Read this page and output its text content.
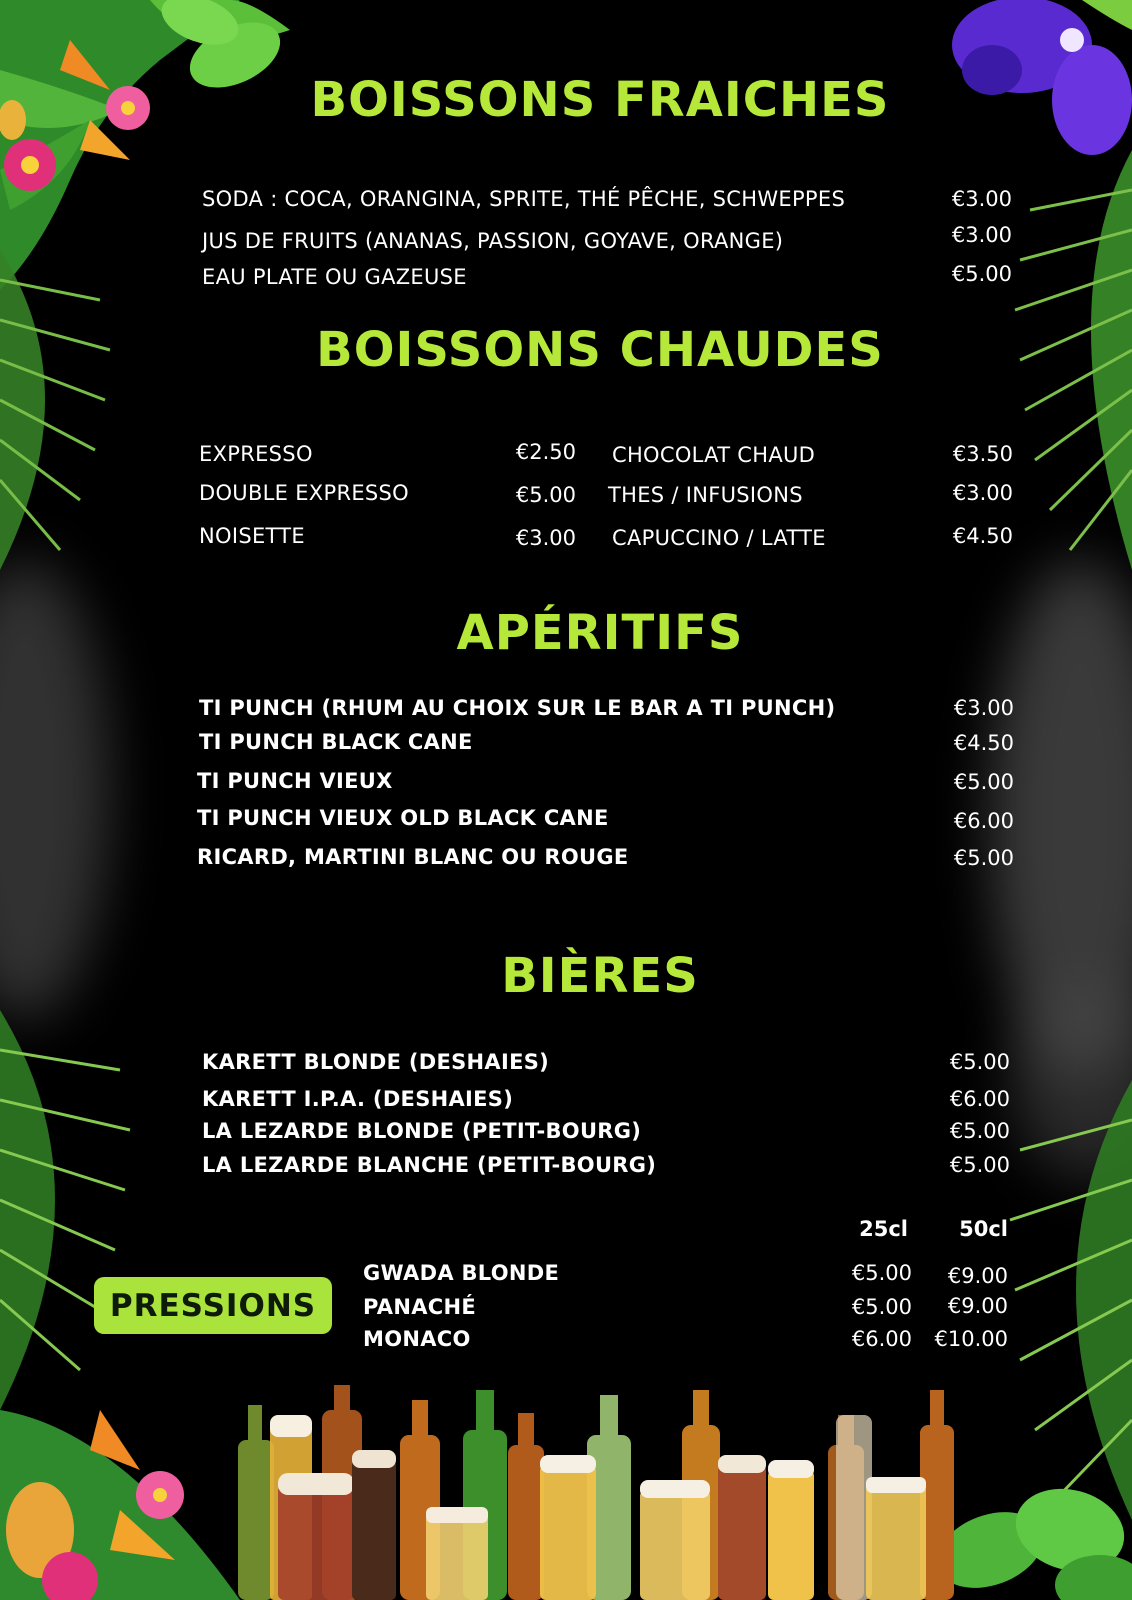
BOISSONS FRAICHES
SODA : COCA, ORANGINA, SPRITE, THÉ PÊCHE, SCHWEPPES	€3.00
JUS DE FRUITS (ANANAS, PASSION, GOYAVE, ORANGE)	€3.00
EAU PLATE OU GAZEUSE	€5.00
BOISSONS CHAUDES
EXPRESSO	€2.50
DOUBLE EXPRESSO	€5.00
NOISETTE	€3.00
CHOCOLAT CHAUD	€3.50
THES / INFUSIONS	€3.00
CAPUCCINO / LATTE	€4.50
APÉRITIFS
TI PUNCH (RHUM AU CHOIX SUR LE BAR A TI PUNCH)	€3.00
TI PUNCH BLACK CANE	€4.50
TI PUNCH VIEUX	€5.00
TI PUNCH VIEUX OLD BLACK CANE	€6.00
RICARD, MARTINI BLANC OU ROUGE	€5.00
BIÈRES
KARETT BLONDE (DESHAIES)	€5.00
KARETT I.P.A. (DESHAIES)	€6.00
LA LEZARDE BLONDE (PETIT-BOURG)	€5.00
LA LEZARDE BLANCHE (PETIT-BOURG)	€5.00
25cl	50cl
PRESSIONS
GWADA BLONDE	€5.00	€9.00
PANACHÉ	€5.00	€9.00
MONACO	€6.00	€10.00
